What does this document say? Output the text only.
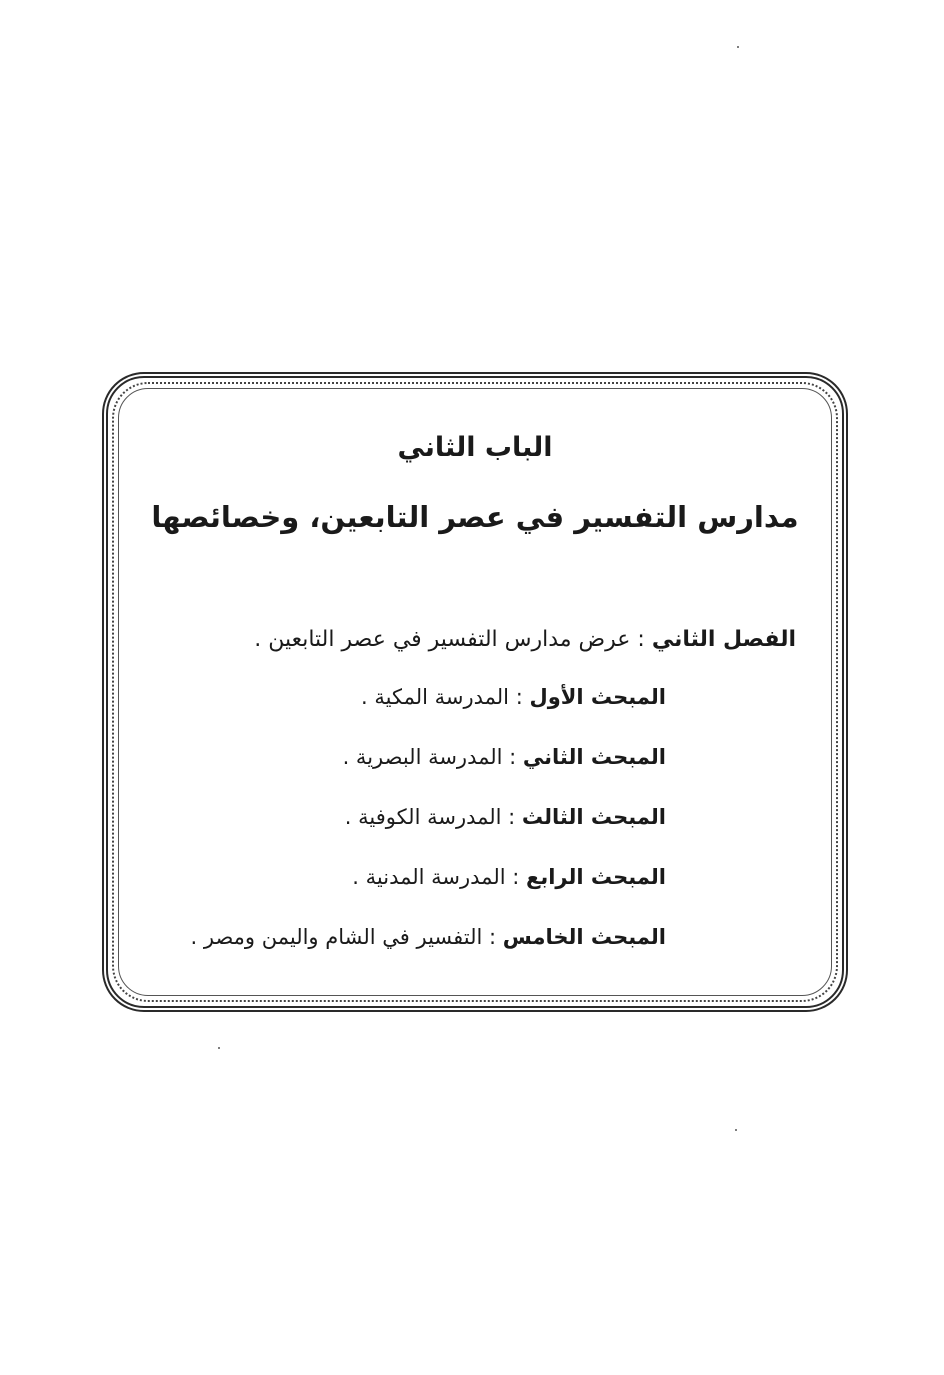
الباب الثاني
مدارس التفسير في عصر التابعين، وخصائصها
الفصل الثاني : عرض مدارس التفسير في عصر التابعين .
المبحث الأول : المدرسة المكية .
المبحث الثاني : المدرسة البصرية .
المبحث الثالث : المدرسة الكوفية .
المبحث الرابع : المدرسة المدنية .
المبحث الخامس : التفسير في الشام واليمن ومصر .
